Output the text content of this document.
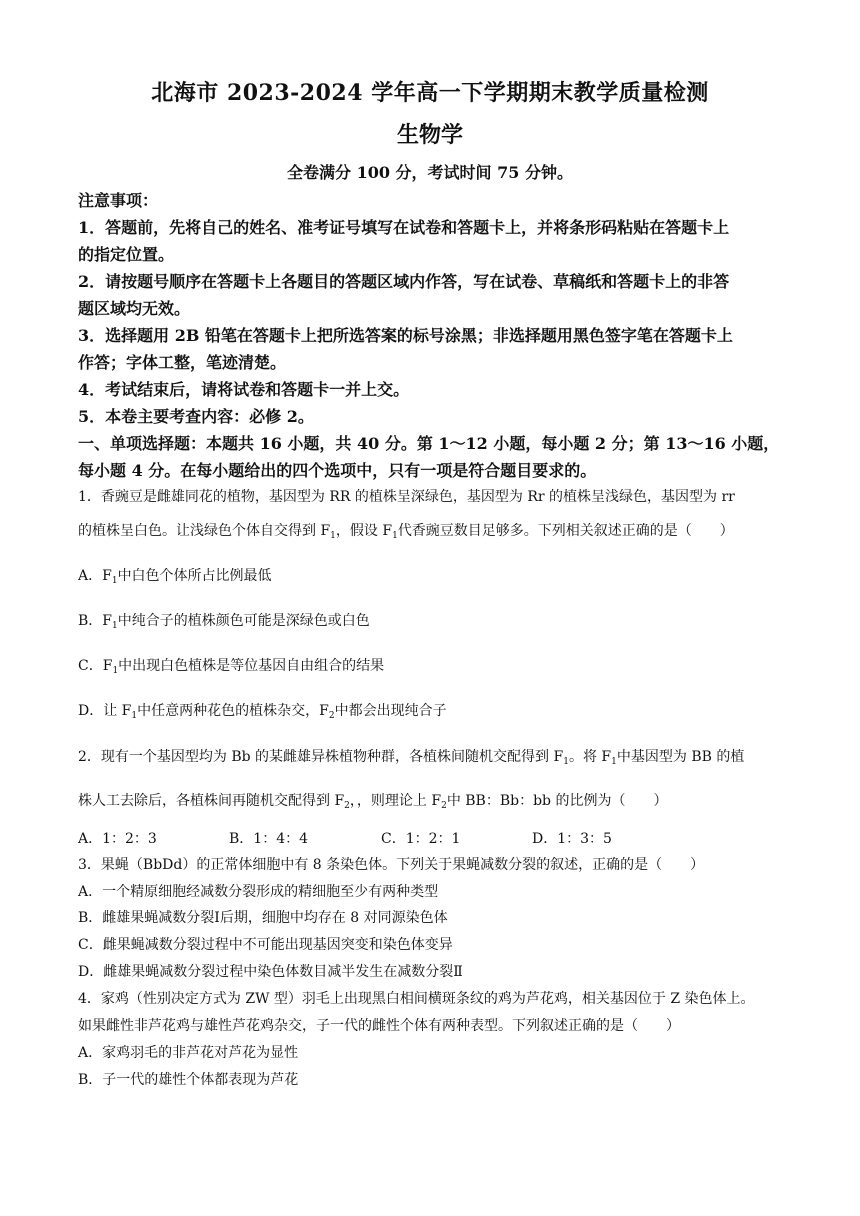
北海市 2023-2024 学年高一下学期期末教学质量检测
生物学
全卷满分 100 分，考试时间 75 分钟。
注意事项：
1．答题前，先将自己的姓名、准考证号填写在试卷和答题卡上，并将条形码粘贴在答题卡上
的指定位置。
2．请按题号顺序在答题卡上各题目的答题区域内作答，写在试卷、草稿纸和答题卡上的非答
题区域均无效。
3．选择题用 2B 铅笔在答题卡上把所选答案的标号涂黑；非选择题用黑色签字笔在答题卡上
作答；字体工整，笔迹清楚。
4．考试结束后，请将试卷和答题卡一并上交。
5．本卷主要考查内容：必修 2。
一、单项选择题：本题共 16 小题，共 40 分。第 1～12 小题，每小题 2 分；第 13～16 小题，
每小题 4 分。在每小题给出的四个选项中，只有一项是符合题目要求的。
1．香豌豆是雌雄同花的植物，基因型为 RR 的植株呈深绿色，基因型为 Rr 的植株呈浅绿色，基因型为 rr
的植株呈白色。让浅绿色个体自交得到 $F_1$，假设 $F_1$代香豌豆数目足够多。下列相关叙述正确的是（　　）
A．$F_1$中白色个体所占比例最低
B．$F_1$中纯合子的植株颜色可能是深绿色或白色
C．$F_1$中出现白色植株是等位基因自由组合的结果
D．让 $F_1$中任意两种花色的植株杂交，$F_2$中都会出现纯合子
2．现有一个基因型均为 Bb 的某雌雄异株植物种群，各植株间随机交配得到 $F_1$。将 $F_1$中基因型为 BB 的植
株人工去除后，各植株间再随机交配得到 $F_2$，，则理论上 $F_2$中 BB：Bb：bb 的比例为（　　）
A．1：2：3	B．1：4：4	C．1：2：1	D．1：3：5
3．果蝇（BbDd）的正常体细胞中有 8 条染色体。下列关于果蝇减数分裂的叙述，正确的是（　　）
A．一个精原细胞经减数分裂形成的精细胞至少有两种类型
B．雌雄果蝇减数分裂Ⅰ后期，细胞中均存在 8 对同源染色体
C．雌果蝇减数分裂过程中不可能出现基因突变和染色体变异
D．雌雄果蝇减数分裂过程中染色体数目减半发生在减数分裂Ⅱ
4．家鸡（性别决定方式为 ZW 型）羽毛上出现黑白相间横斑条纹的鸡为芦花鸡，相关基因位于 Z 染色体上。
如果雌性非芦花鸡与雄性芦花鸡杂交，子一代的雌性个体有两种表型。下列叙述正确的是（　　）
A．家鸡羽毛的非芦花对芦花为显性
B．子一代的雄性个体都表现为芦花
